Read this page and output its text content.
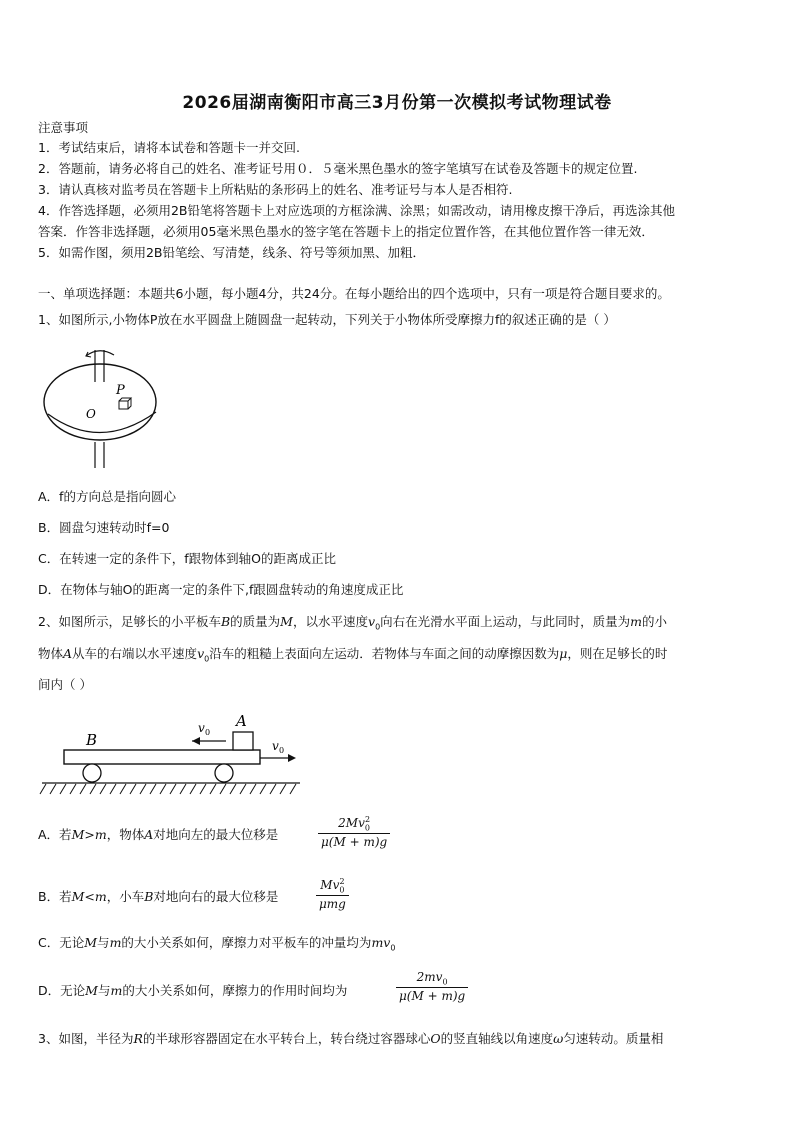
2026届湖南衡阳市高三3月份第一次模拟考试物理试卷
注意事项
1．考试结束后，请将本试卷和答题卡一并交回.
2．答题前，请务必将自己的姓名、准考证号用０．５毫米黑色墨水的签字笔填写在试卷及答题卡的规定位置.
3．请认真核对监考员在答题卡上所粘贴的条形码上的姓名、准考证号与本人是否相符.
4．作答选择题，必须用2B铅笔将答题卡上对应选项的方框涂满、涂黑；如需改动，请用橡皮擦干净后，再选涂其他
答案．作答非选择题，必须用05毫米黑色墨水的签字笔在答题卡上的指定位置作答，在其他位置作答一律无效．
5．如需作图，须用2B铅笔绘、写清楚，线条、符号等须加黑、加粗．
一、单项选择题：本题共6小题，每小题4分，共24分。在每小题给出的四个选项中，只有一项是符合题目要求的。
1、如图所示,小物体P放在水平圆盘上随圆盘一起转动，下列关于小物体所受摩擦力f的叙述正确的是（ ）
P
O
A．f的方向总是指向圆心
B．圆盘匀速转动时f=0
C．在转速一定的条件下，f跟物体到轴O的距离成正比
D．在物体与轴O的距离一定的条件下,f跟圆盘转动的角速度成正比
2、如图所示，足够长的小平板车B的质量为M，以水平速度$v_0$向右在光滑水平面上运动，与此同时，质量为m的小
物体A从车的右端以水平速度$v_0$沿车的粗糙上表面向左运动．若物体与车面之间的动摩擦因数为μ，则在足够长的时
间内（ ）
B
A
v 0
v 0
A．若M>m，物体A对地向左的最大位移是	$\frac{2Mv_0^2}{\mu(M + m)g}$
B．若M<m，小车B对地向右的最大位移是
$Mv_0^2$
μmg
C．无论M与m的大小关系如何，摩擦力对平板车的冲量均为$mv_0$
D．无论M与m的大小关系如何，摩擦力的作用时间均为	$\frac{2mv_0}{\mu(M + m)g}$
3、如图，半径为R的半球形容器固定在水平转台上，转台绕过容器球心O的竖直轴线以角速度ω匀速转动。质量相
